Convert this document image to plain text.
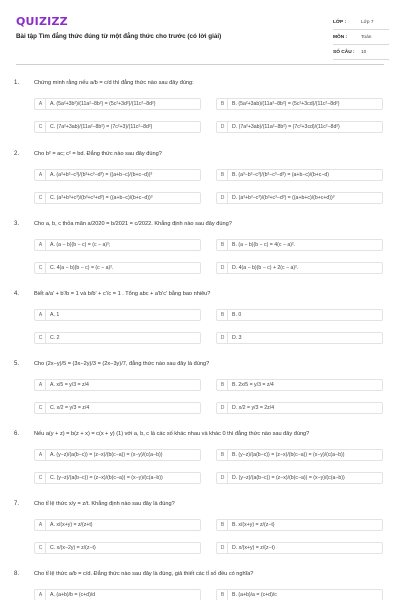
QUIZIZZ
Bài tập Tìm đẳng thức đúng từ một đẳng thức cho trước (có lời giải)
LỚP :	Lớp 7
MÔN :	Toán
SỐ CÂU :	10
1.	Chứng minh rằng nếu a/b = c/d thì đẳng thức nào sau đây đúng:
A	A. (5a²+3b²)/(11a²−8b²) = (5c²+3d²)/(11c²−8d²)	B	B. (5a²+3ab)/(11a²−8b²) = (5c²+3cd)/(11c²−8d²)
C	C. (7a²+3ab)/(11a²−8b²) = (7c²+3)/(11c²−8d²)	D	D. (7a²+3ab)/(11a²−8b²) = (7c²+3cd)/(11c²−8d²)
2.	Cho b² = ac; c² = bd. Đẳng thức nào sau đây đúng?
A	A. (a³+b³−c³)/(b³+c³−d³) = ((a+b−c)/(b+c−d))³	B	B. (a³−b³−c³)/(b³−c³−d³) = (a+b−c)/(b+c−d)
C	C. (a³+b³+c³)/(b³+c³+d³) = ((a+b−c)/(b+c−d))³	D	D. (a³+b³−c³)/(b³+c³−d³) = ((a+b+c)/(b+c+d))³
3.	Cho a, b, c thỏa mãn a/2020 = b/2021 = c/2022. Khẳng định nào sau đây đúng?
A	A. (a − b)(b − c) = (c − a)²;	B	B. (a − b)(b − c) = 4(c − a)².
C	C. 4(a − b)(b − c) = (c − a)².	D	D. 4(a − b)(b − c) + 2(c − a)².
4.	Biết a/a' + b'/b = 1 và b/b' + c'/c = 1 . Tổng abc + a'b'c' bằng bao nhiêu?
A	A. 1	B	B. 0
C	C. 2	D	D. 3
5.	Cho (2x−y)/5 = (3x−2y)/3 = (2x−3y)/7, đẳng thức nào sau đây là đúng?
A	A. x/5 = y/3 = z/4	B	B. 2x/5 = y/3 = z/4
C	C. x/2 = y/3 = z/4	D	D. x/2 = y/3 = 2z/4
6.	Nếu a(y + z) = b(z + x) = c(x + y) (1) với a, b, c là các số khác nhau và khác 0 thì đẳng thức nào sau đây đúng?
A	A. (y−z)/(a(b−c)) = (z−x)/(b(c−a)) = (x−y)/(c(a−b))	B	B. (y−z)/(a(b−c)) = (z−x)/(b(c−a)) = (x−y)/(c(a−b))
C	C. (y−z)/(a(b−c)) = (z−x)/(b(c−a)) = (x−y)/(c(a−b))	D	D. (y−z)/(a(b−c)) = (z−x)/(b(c−a)) = (x−y)/(c(a−b))
7.	Cho tỉ lệ thức x/y = z/t. Khẳng định nào sau đây là đúng?
A	A. x/(x+y) = z/(z+t)	B	B. x/(x+y) = z/(z−t)
C	C. x/(x−2y) = z/(z−t)	D	D. x/(x+y) = z/(z−t)
8.	Cho tỉ lệ thức a/b = c/d. Đẳng thức nào sau đây là đúng, giả thiết các tỉ số đều có nghĩa?
A	A. (a+b)/b = (c+d)/d	B	B. (a+b)/a = (c+d)/c
